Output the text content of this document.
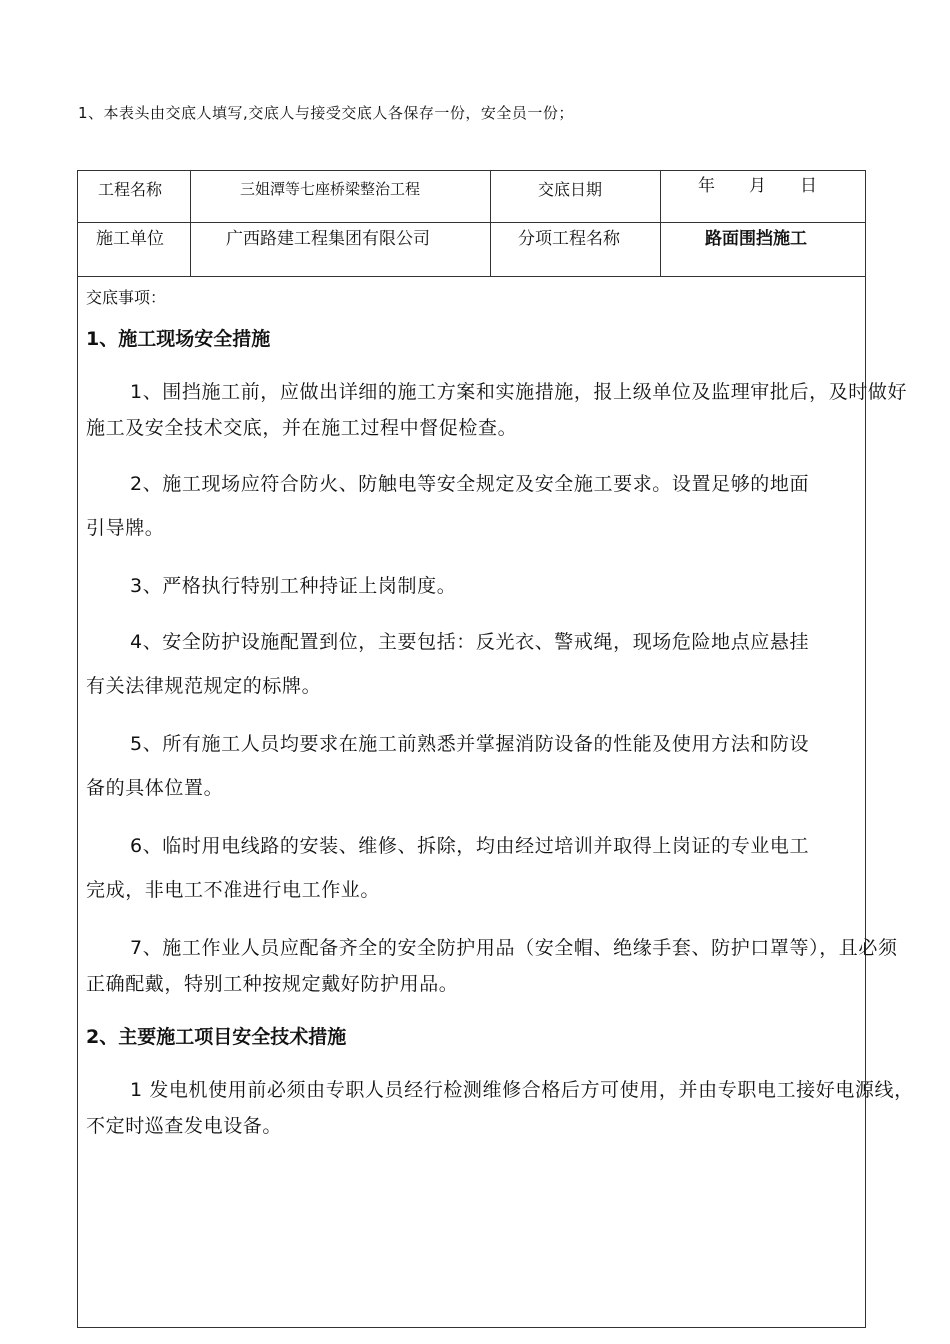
1、本表头由交底人填写,交底人与接受交底人各保存一份，安全员一份；
工程名称	三姐潭等七座桥梁整治工程	交底日期	年　　月　　日
施工单位	广西路建工程集团有限公司	分项工程名称	路面围挡施工

交底事项：

1、施工现场安全措施

1、围挡施工前，应做出详细的施工方案和实施措施，报上级单位及监理审批后，及时做好施工及安全技术交底，并在施工过程中督促检查。

2、施工现场应符合防火、防触电等安全规定及安全施工要求。设置足够的地面

引导牌。

3、严格执行特别工种持证上岗制度。

4、安全防护设施配置到位，主要包括：反光衣、警戒绳，现场危险地点应悬挂

有关法律规范规定的标牌。

5、所有施工人员均要求在施工前熟悉并掌握消防设备的性能及使用方法和防设

备的具体位置。

6、临时用电线路的安装、维修、拆除，均由经过培训并取得上岗证的专业电工

完成，非电工不准进行电工作业。

7、施工作业人员应配备齐全的安全防护用品（安全帽、绝缘手套、防护口罩等），且必须正确配戴，特别工种按规定戴好防护用品。

2、主要施工项目安全技术措施

1 发电机使用前必须由专职人员经行检测维修合格后方可使用，并由专职电工接好电源线，不定时巡查发电设备。
